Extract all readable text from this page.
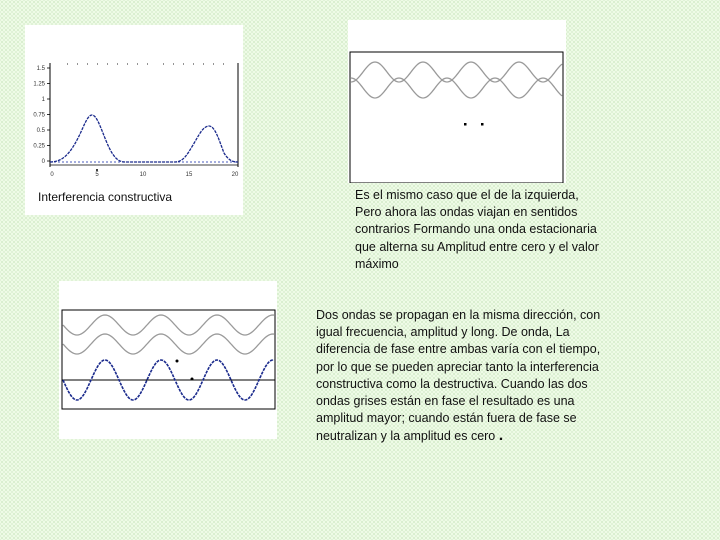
1.5
1.25
1
0.75
0.5
0.25
0
0	5	10	15	20
Interferencia constructiva	Es el mismo caso que el de la izquierda,
Pero ahora las ondas viajan en sentidos
contrarios Formando una onda estacionaria
que alterna su Amplitud entre cero y el valor
máximo
Dos ondas se propagan en la misma dirección, con
igual frecuencia, amplitud y long. De onda, La
diferencia de fase entre ambas varía con el tiempo,
por lo que se pueden apreciar tanto la interferencia
constructiva como la destructiva. Cuando las dos
ondas grises están en fase el resultado es una
amplitud mayor; cuando están fuera de fase se
neutralizan y la amplitud es cero .
